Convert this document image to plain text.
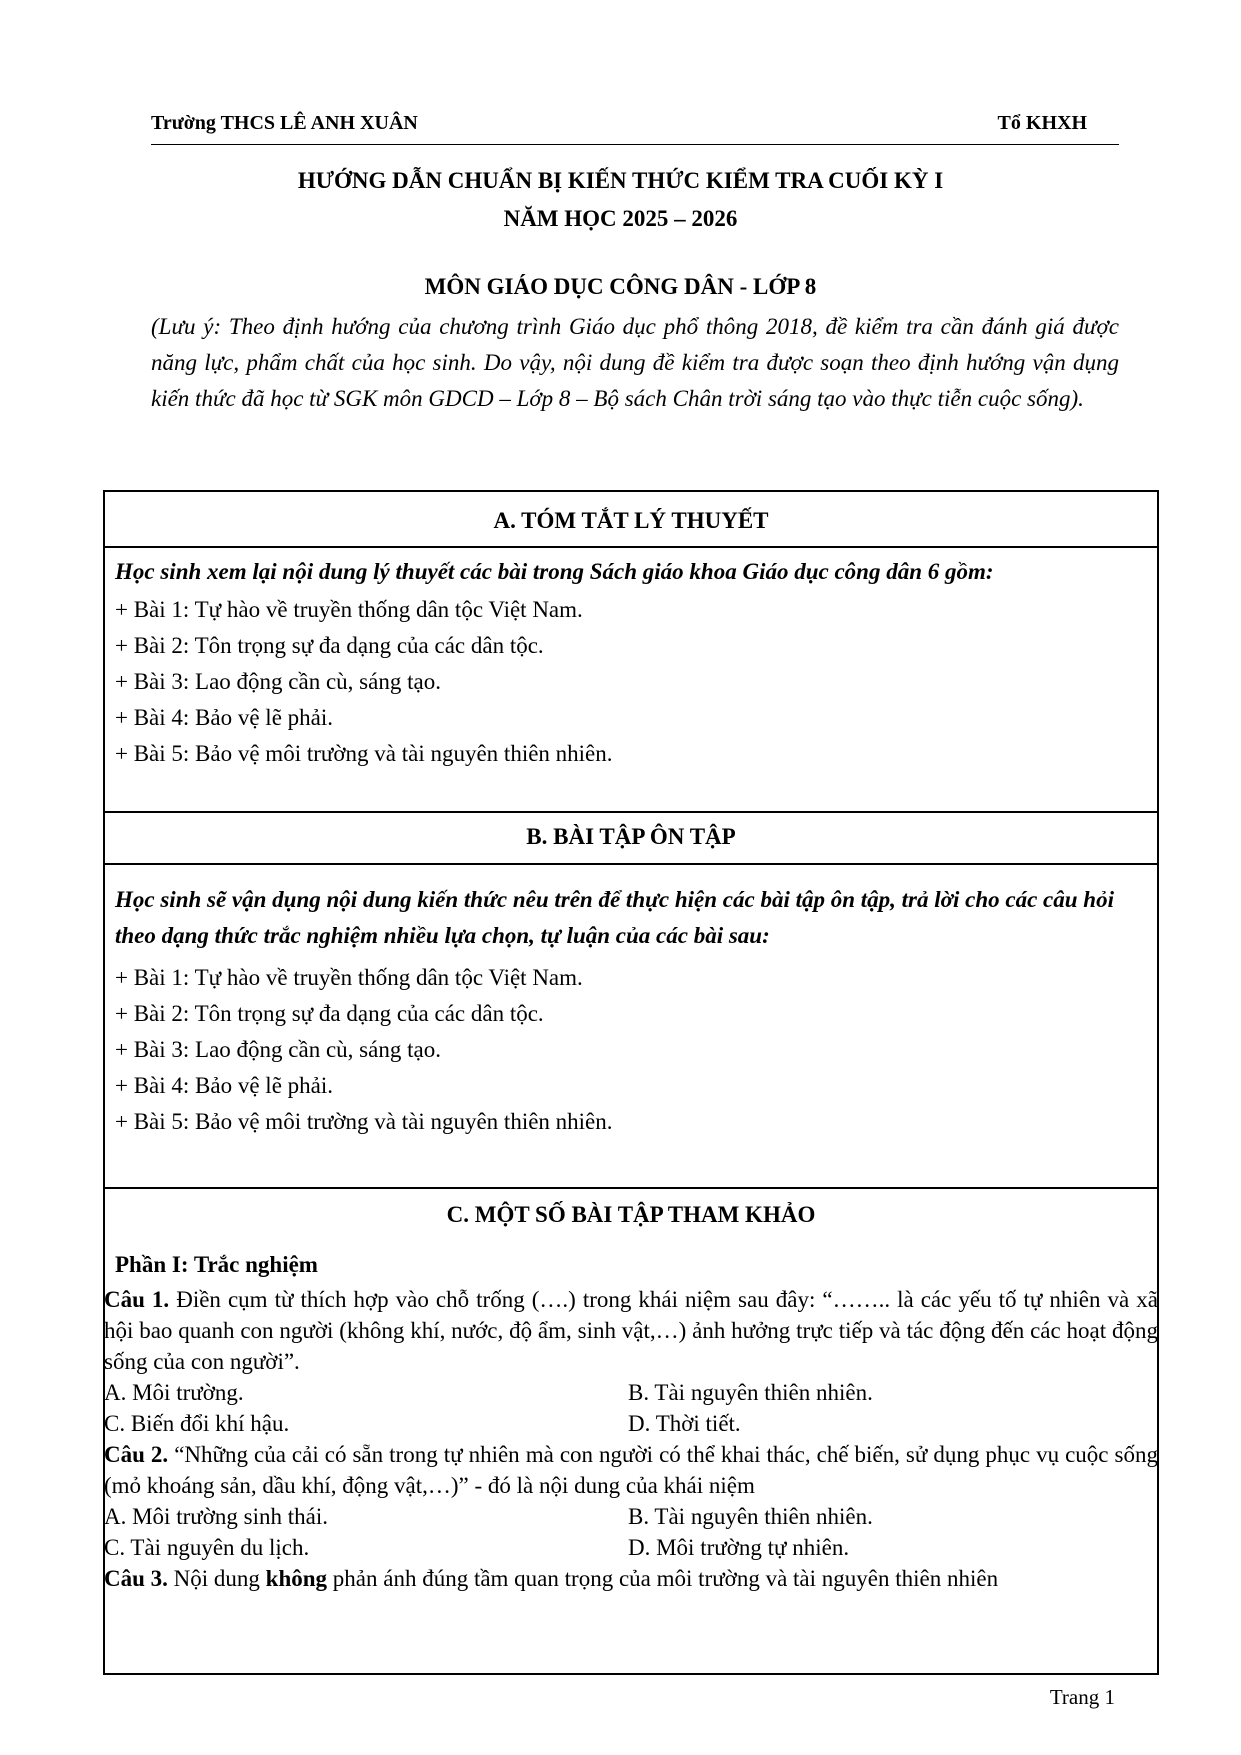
Trường THCS LÊ ANH XUÂN	Tổ KHXH
HƯỚNG DẪN CHUẨN BỊ KIẾN THỨC KIỂM TRA CUỐI KỲ I
NĂM HỌC 2025 – 2026
MÔN GIÁO DỤC CÔNG DÂN - LỚP 8
(Lưu ý: Theo định hướng của chương trình Giáo dục phổ thông 2018, đề kiểm tra cần đánh giá được năng lực, phẩm chất của học sinh. Do vậy, nội dung đề kiểm tra được soạn theo định hướng vận dụng kiến thức đã học từ SGK môn GDCD – Lớp 8 – Bộ sách Chân trời sáng tạo vào thực tiễn cuộc sống).
A. TÓM TẮT LÝ THUYẾT
Học sinh xem lại nội dung lý thuyết các bài trong Sách giáo khoa Giáo dục công dân 6 gồm:
+ Bài 1: Tự hào về truyền thống dân tộc Việt Nam.
+ Bài 2: Tôn trọng sự đa dạng của các dân tộc.
+ Bài 3: Lao động cần cù, sáng tạo.
+ Bài 4: Bảo vệ lẽ phải.
+ Bài 5: Bảo vệ môi trường và tài nguyên thiên nhiên.
B. BÀI TẬP ÔN TẬP
Học sinh sẽ vận dụng nội dung kiến thức nêu trên để thực hiện các bài tập ôn tập, trả lời cho các câu hỏi theo dạng thức trắc nghiệm nhiều lựa chọn, tự luận của các bài sau:
+ Bài 1: Tự hào về truyền thống dân tộc Việt Nam.
+ Bài 2: Tôn trọng sự đa dạng của các dân tộc.
+ Bài 3: Lao động cần cù, sáng tạo.
+ Bài 4: Bảo vệ lẽ phải.
+ Bài 5: Bảo vệ môi trường và tài nguyên thiên nhiên.
C. MỘT SỐ BÀI TẬP THAM KHẢO
Phần I: Trắc nghiệm

Câu 1. Điền cụm từ thích hợp vào chỗ trống (….) trong khái niệm sau đây: “…….. là các yếu tố tự nhiên và xã hội bao quanh con người (không khí, nước, độ ẩm, sinh vật,…) ảnh hưởng trực tiếp và tác động đến các hoạt động sống của con người”.

A. Môi trường.	B. Tài nguyên thiên nhiên.
C. Biến đổi khí hậu.	D. Thời tiết.

Câu 2. “Những của cải có sẵn trong tự nhiên mà con người có thể khai thác, chế biến, sử dụng phục vụ cuộc sống (mỏ khoáng sản, dầu khí, động vật,…)” - đó là nội dung của khái niệm

A. Môi trường sinh thái.	B. Tài nguyên thiên nhiên.
C. Tài nguyên du lịch.	D. Môi trường tự nhiên.

Câu 3. Nội dung không phản ánh đúng tầm quan trọng của môi trường và tài nguyên thiên nhiên

Trang 1
